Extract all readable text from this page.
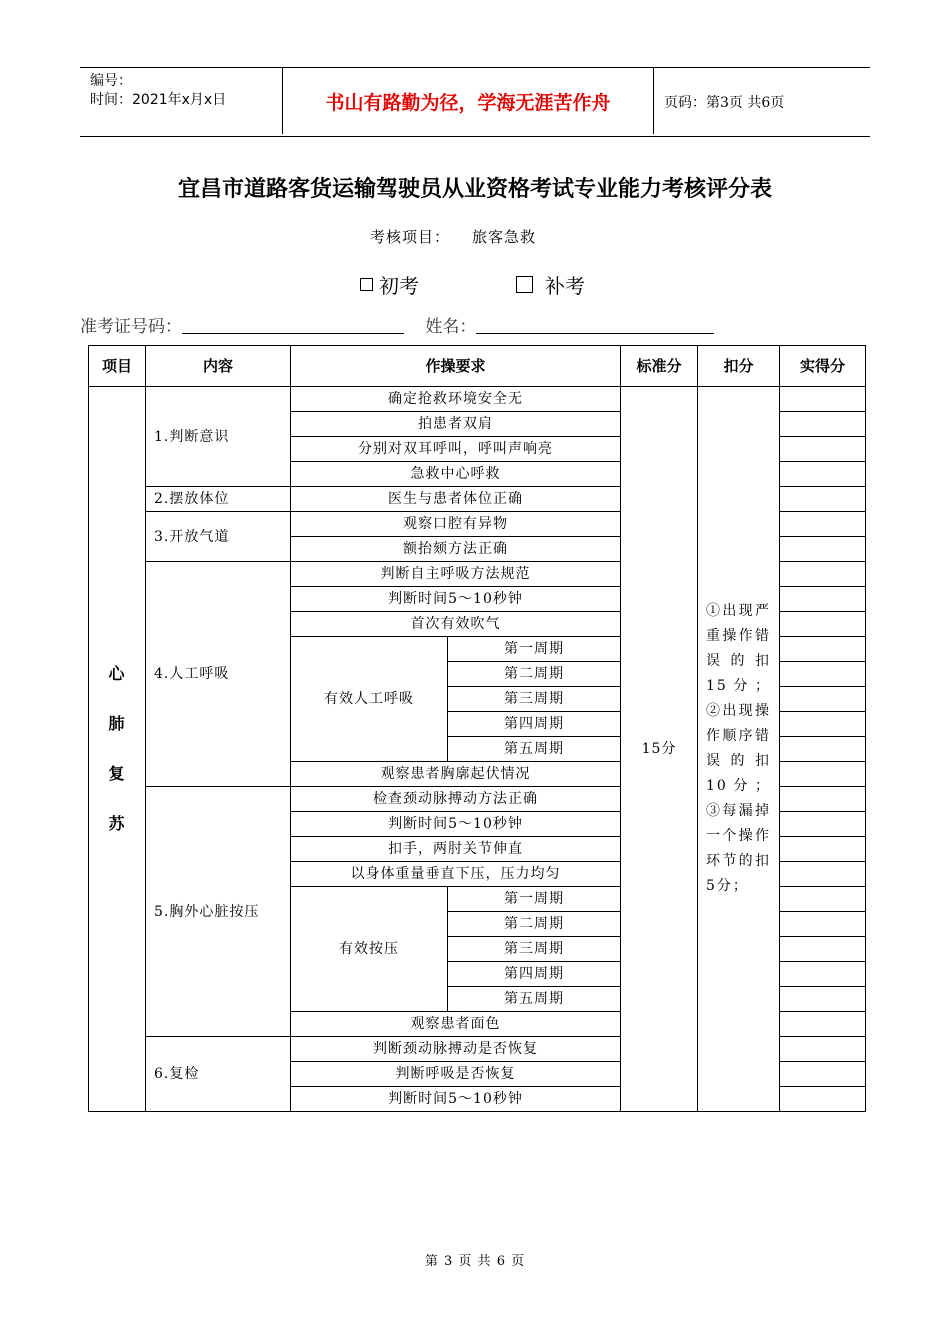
编号：
时间：2021年x月x日	书山有路勤为径，学海无涯苦作舟	页码：第3页 共6页
宜昌市道路客货运输驾驶员从业资格考试专业能力考核评分表
考核项目： 旅客急救
初考	补考
准考证号码：	姓名：
项目	内容	作操要求		标准分	扣分	实得分

心
肺
复
苏	1.判断意识	确定抢救环境安全无		15分	①出现严重操作错误的扣15分；②出现操作顺序错误的扣10分；③每漏掉一个操作环节的扣5分；	
		拍患者双肩				
		分别对双耳呼叫，呼叫声响亮				
		急救中心呼救				
	2.摆放体位	医生与患者体位正确				
	3.开放气道	观察口腔有异物				
		额抬颏方法正确				
	4.人工呼吸	判断自主呼吸方法规范				
		判断时间5～10秒钟				
		首次有效吹气				
		有效人工呼吸	第一周期			
			第二周期			
			第三周期			
			第四周期			
			第五周期			
		观察患者胸廓起伏情况				
	5.胸外心脏按压	检查颈动脉搏动方法正确				
		判断时间5～10秒钟				
		扣手，两肘关节伸直				
		以身体重量垂直下压，压力均匀				
		有效按压	第一周期			
			第二周期			
			第三周期			
			第四周期			
			第五周期			
		观察患者面色				
	6.复检	判断颈动脉搏动是否恢复				
		判断呼吸是否恢复				
		判断时间5～10秒钟				
第 3 页 共 6 页
